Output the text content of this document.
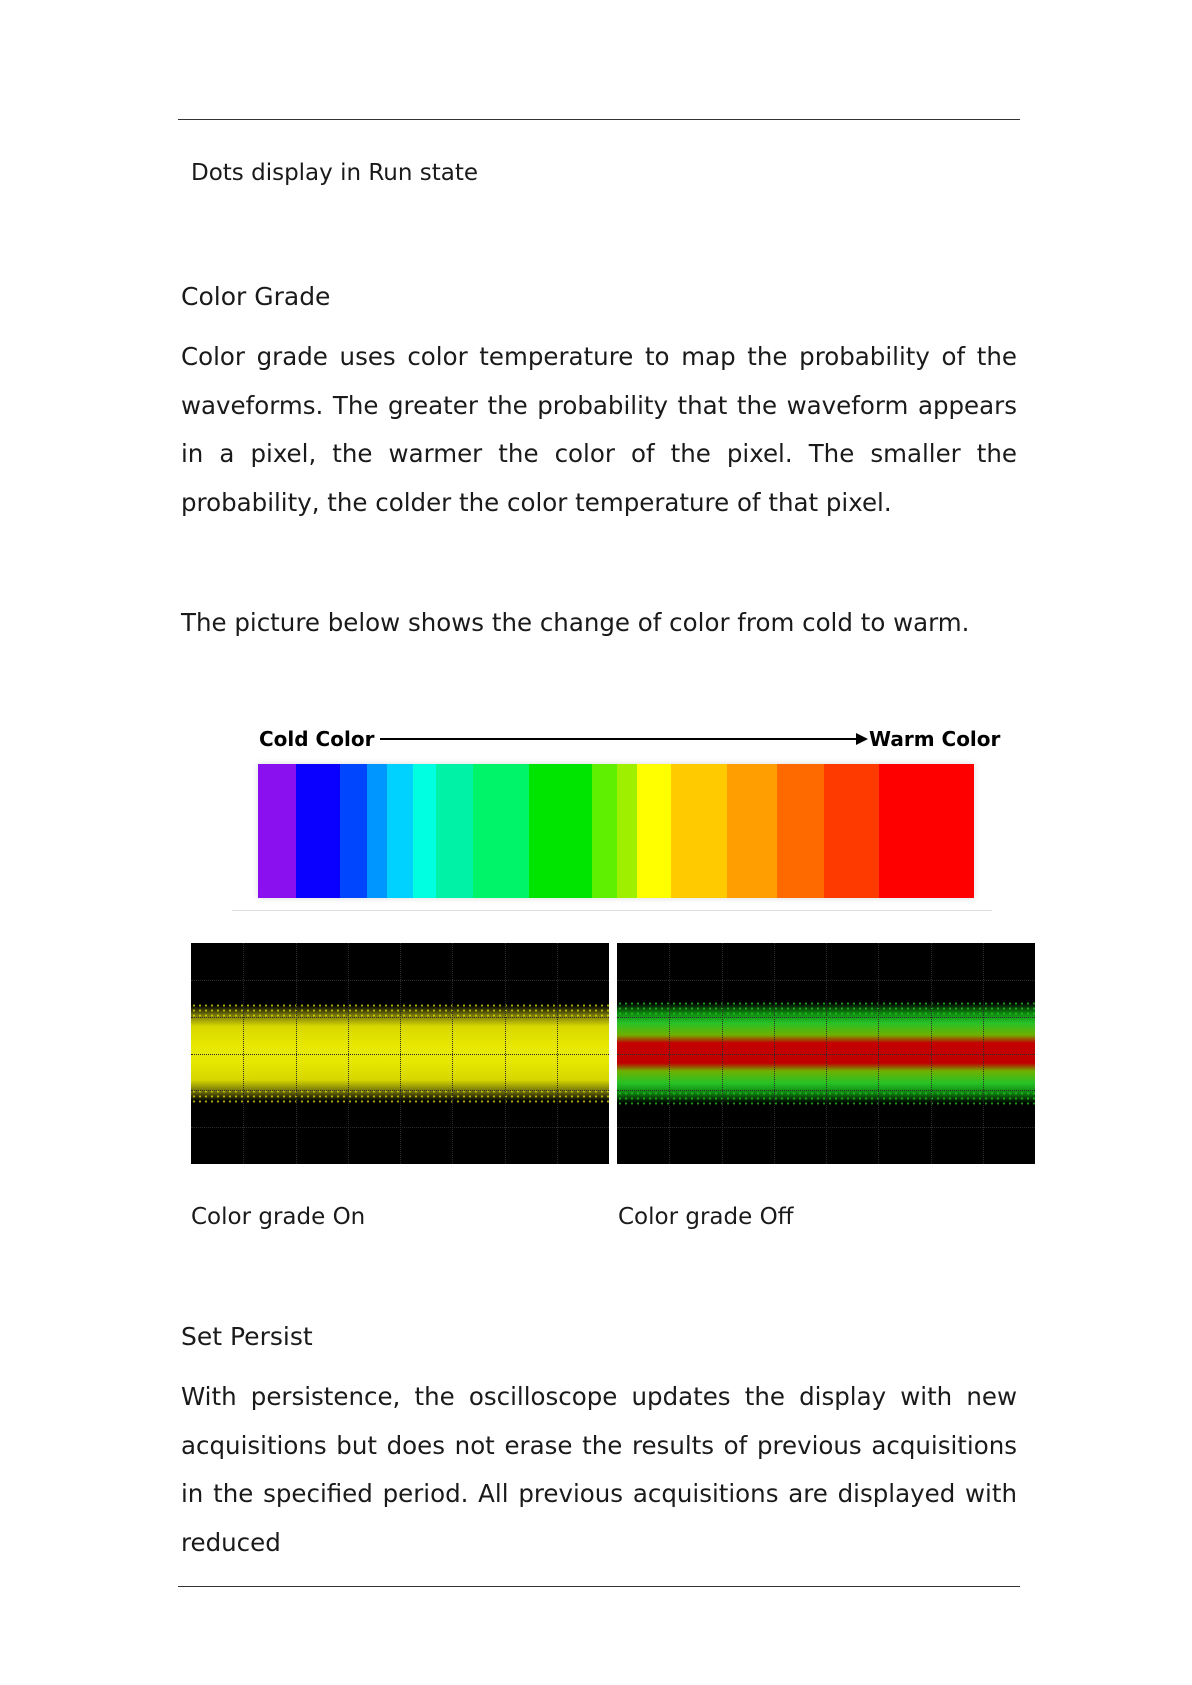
Dots display in Run state
Color Grade

Color grade uses color temperature to map the probability of the waveforms. The greater the probability that the waveform appears in a pixel, the warmer the color of the pixel. The smaller the probability, the colder the color temperature of that pixel.

The picture below shows the change of color from cold to warm.
Cold Color	Warm Color
Color grade On	Color grade Off
Set Persist

With persistence, the oscilloscope updates the display with new acquisitions but does not erase the results of previous acquisitions in the specified period. All previous acquisitions are displayed with reduced
